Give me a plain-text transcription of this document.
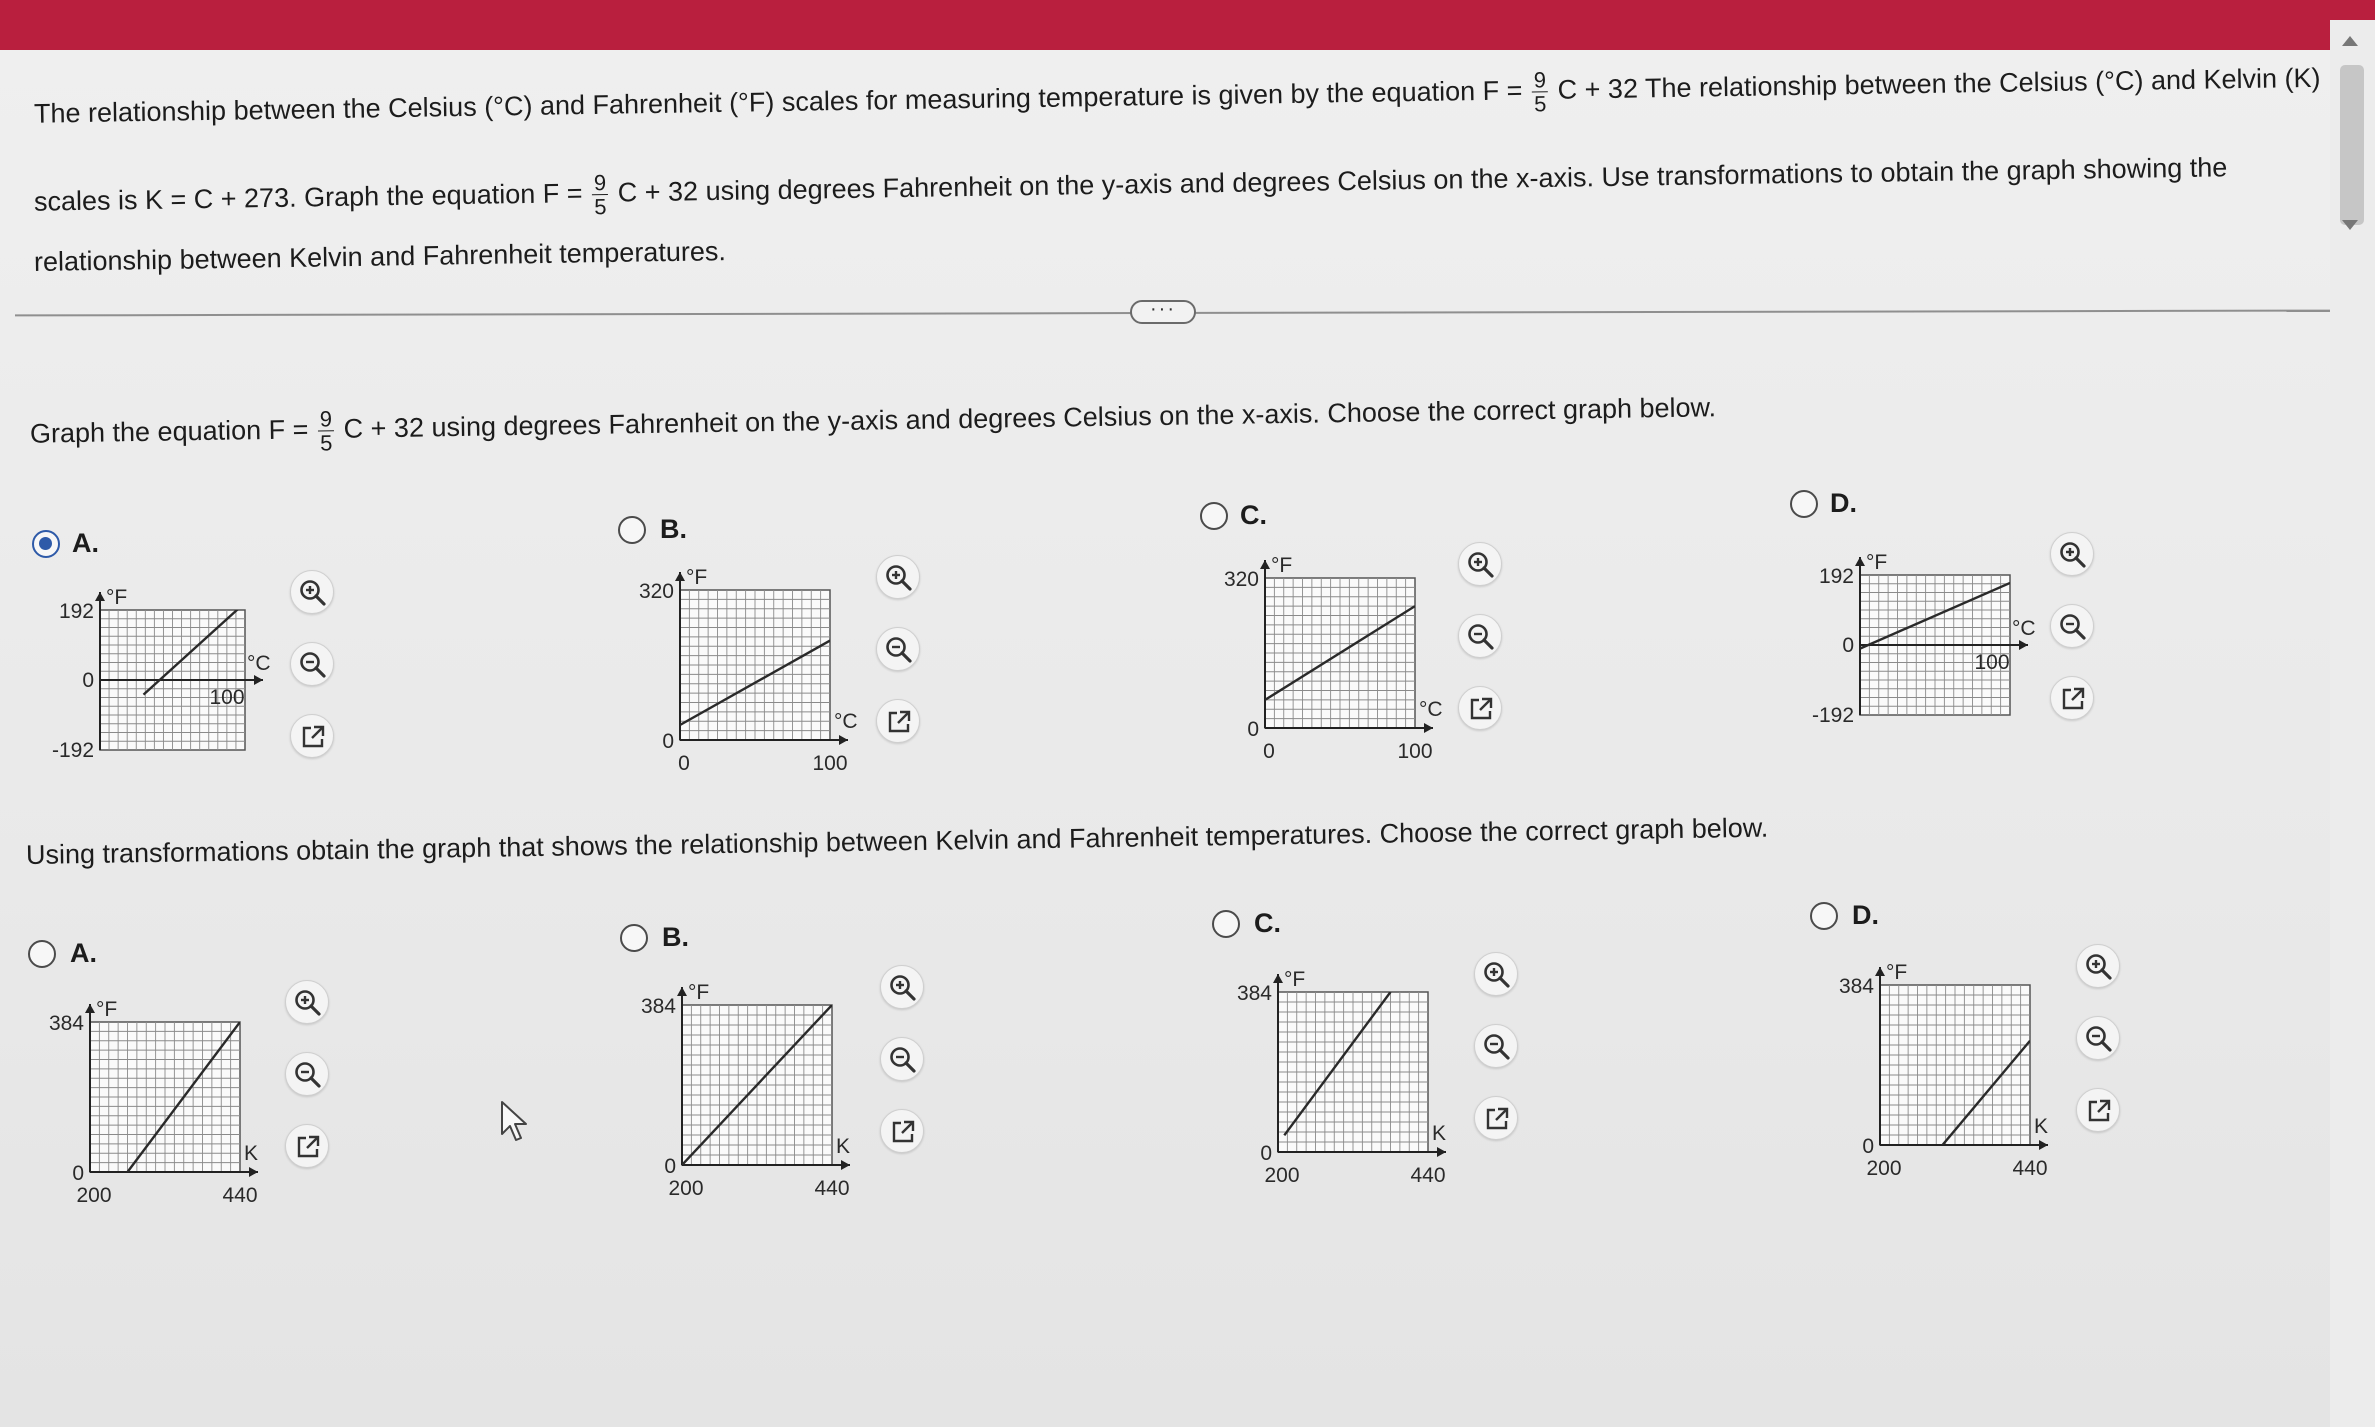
The relationship between the Celsius (°C) and Fahrenheit (°F) scales for measuring temperature is given by the equation $F = \frac{9}{5}$ C + 32 The relationship between the Celsius (°C) and Kelvin (K)
scales is K = C + 273. Graph the equation $F = \frac{9}{5}$ C + 32 using degrees Fahrenheit on the y-axis and degrees Celsius on the x-axis. Use transformations to obtain the graph showing the
relationship between Kelvin and Fahrenheit temperatures.
···
Graph the equation $F = \frac{9}{5}$ C + 32 using degrees Fahrenheit on the y-axis and degrees Celsius on the x-axis. Choose the correct graph below.
Using transformations obtain the graph that shows the relationship between Kelvin and Fahrenheit temperatures. Choose the correct graph below.
A.
°F
192
0
-192
°C
100
B.
°F
320
0
0	100
°C
C.
°F
320
0
0	100
°C
D.
°F
192
0
-192
°C
100
A.
°F
384
0
200	440
K
B.
°F
384
0
200	440
K
C.
°F
384
0
200	440
K
D.
°F
384
0
200	440
K
